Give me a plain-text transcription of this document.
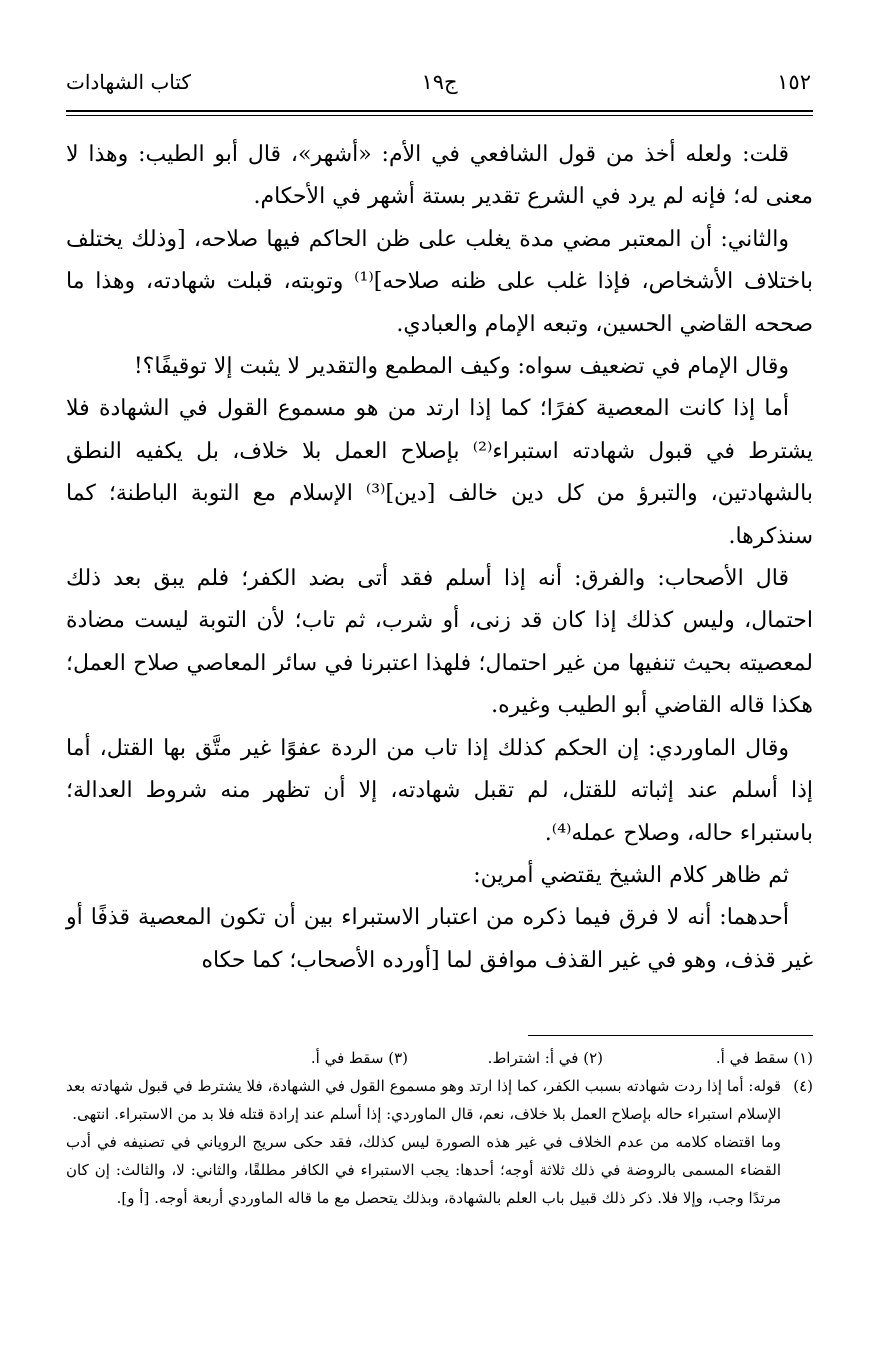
١٥٢
ج١٩
كتاب الشهادات

قلت: ولعله أخذ من قول الشافعي في الأم: «أشهر»، قال أبو الطيب: وهذا لا معنى له؛ فإنه لم يرد في الشرع تقدير بستة أشهر في الأحكام.

والثاني: أن المعتبر مضي مدة يغلب على ظن الحاكم فيها صلاحه، [وذلك يختلف باختلاف الأشخاص، فإذا غلب على ظنه صلاحه]⁽¹⁾ وتوبته، قبلت شهادته، وهذا ما صححه القاضي الحسين، وتبعه الإمام والعبادي.

وقال الإمام في تضعيف سواه: وكيف المطمع والتقدير لا يثبت إلا توقيفًا؟!

أما إذا كانت المعصية كفرًا؛ كما إذا ارتد من هو مسموع القول في الشهادة فلا يشترط في قبول شهادته استبراء⁽²⁾ بإصلاح العمل بلا خلاف، بل يكفيه النطق بالشهادتين، والتبرؤ من كل دين خالف [دين]⁽³⁾ الإسلام مع التوبة الباطنة؛ كما سنذكرها.

قال الأصحاب: والفرق: أنه إذا أسلم فقد أتى بضد الكفر؛ فلم يبق بعد ذلك احتمال، وليس كذلك إذا كان قد زنى، أو شرب، ثم تاب؛ لأن التوبة ليست مضادة لمعصيته بحيث تنفيها من غير احتمال؛ فلهذا اعتبرنا في سائر المعاصي صلاح العمل؛ هكذا قاله القاضي أبو الطيب وغيره.

وقال الماوردي: إن الحكم كذلك إذا تاب من الردة عفوًا غير متَّق بها القتل، أما إذا أسلم عند إثباته للقتل، لم تقبل شهادته، إلا أن تظهر منه شروط العدالة؛ باستبراء حاله، وصلاح عمله⁽⁴⁾.

ثم ظاهر كلام الشيخ يقتضي أمرين:

أحدهما: أنه لا فرق فيما ذكره من اعتبار الاستبراء بين أن تكون المعصية قذفًا أو غير قذف، وهو في غير القذف موافق لما [أورده الأصحاب؛ كما حكاه

(١) سقط في أ.
(٢) في أ: اشتراط.
(٣) سقط في أ.
(٤)

قوله: أما إذا ردت شهادته بسبب الكفر، كما إذا ارتد وهو مسموع القول في الشهادة، فلا يشترط في قبول شهادته بعد الإسلام استبراء حاله بإصلاح العمل بلا خلاف، نعم، قال الماوردي: إذا أسلم عند إرادة قتله فلا بد من الاستبراء. انتهى.

وما اقتضاه كلامه من عدم الخلاف في غير هذه الصورة ليس كذلك، فقد حكى سريج الروياني في تصنيفه في أدب القضاء المسمى بالروضة في ذلك ثلاثة أوجه؛ أحدها: يجب الاستبراء في الكافر مطلقًا، والثاني: لا، والثالث: إن كان مرتدًا وجب، وإلا فلا. ذكر ذلك قبيل باب العلم بالشهادة، وبذلك يتحصل مع ما قاله الماوردي أربعة أوجه. [أ و].
